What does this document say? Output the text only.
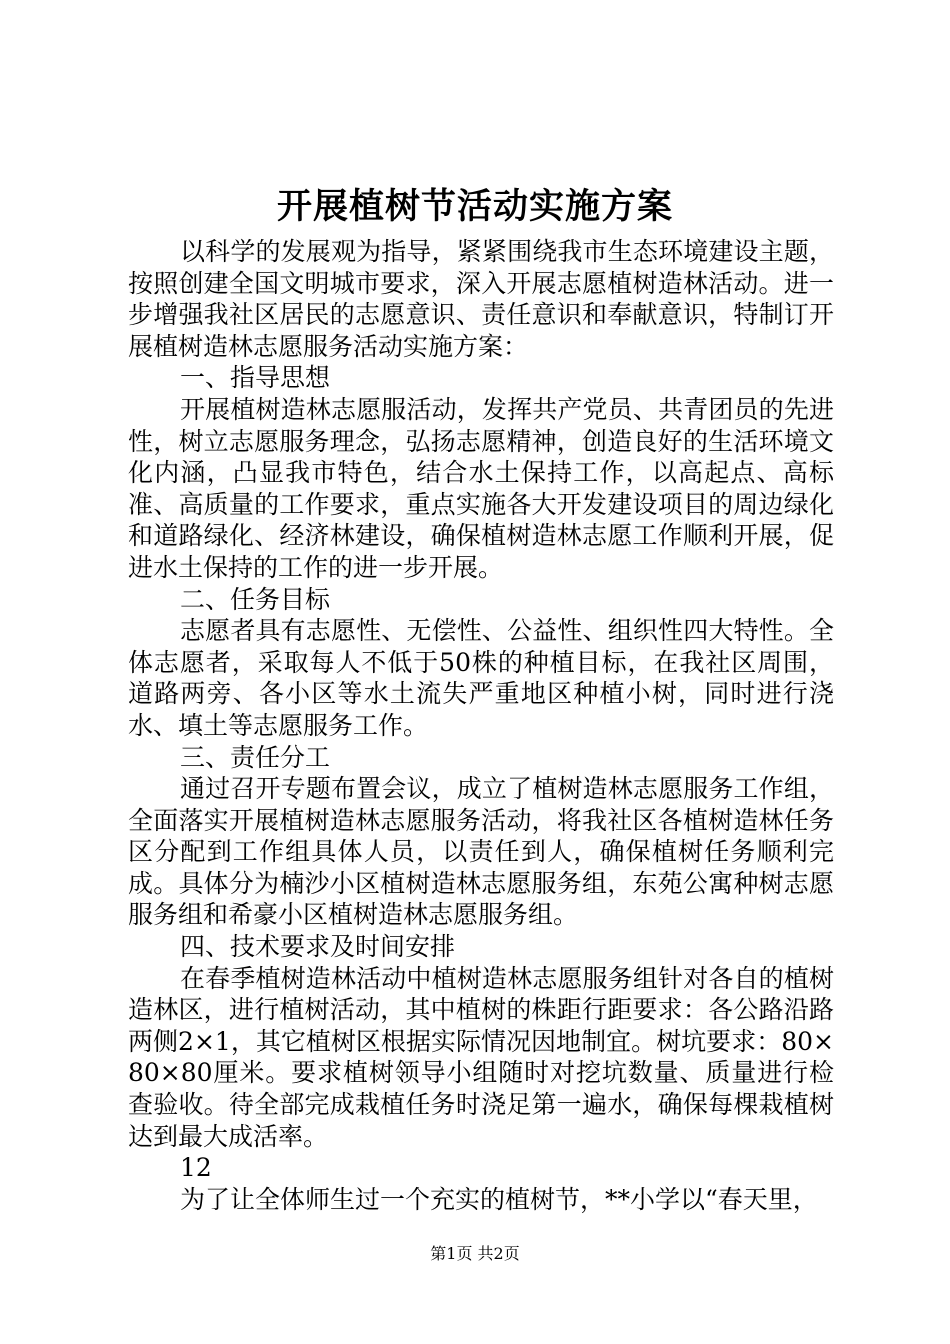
开展植树节活动实施方案

以科学的发展观为指导，紧紧围绕我市生态环境建设主题，按照创建全国文明城市要求，深入开展志愿植树造林活动。进一步增强我社区居民的志愿意识、责任意识和奉献意识，特制订开展植树造林志愿服务活动实施方案：

一、指导思想

开展植树造林志愿服活动，发挥共产党员、共青团员的先进性，树立志愿服务理念，弘扬志愿精神，创造良好的生活环境文化内涵，凸显我市特色，结合水土保持工作，以高起点、高标准、高质量的工作要求，重点实施各大开发建设项目的周边绿化和道路绿化、经济林建设，确保植树造林志愿工作顺利开展，促进水土保持的工作的进一步开展。

二、任务目标

志愿者具有志愿性、无偿性、公益性、组织性四大特性。全体志愿者，采取每人不低于50株的种植目标，在我社区周围，道路两旁、各小区等水土流失严重地区种植小树，同时进行浇水、填土等志愿服务工作。

三、责任分工

通过召开专题布置会议，成立了植树造林志愿服务工作组，全面落实开展植树造林志愿服务活动，将我社区各植树造林任务区分配到工作组具体人员，以责任到人，确保植树任务顺利完成。具体分为楠沙小区植树造林志愿服务组，东苑公寓种树志愿服务组和希豪小区植树造林志愿服务组。

四、技术要求及时间安排

在春季植树造林活动中植树造林志愿服务组针对各自的植树造林区，进行植树活动，其中植树的株距行距要求：各公路沿路两侧2×1，其它植树区根据实际情况因地制宜。树坑要求：80×80×80厘米。要求植树领导小组随时对挖坑数量、质量进行检查验收。待全部完成栽植任务时浇足第一遍水，确保每棵栽植树达到最大成活率。

12

为了让全体师生过一个充实的植树节，**小学以“春天里，

第1页 共2页
